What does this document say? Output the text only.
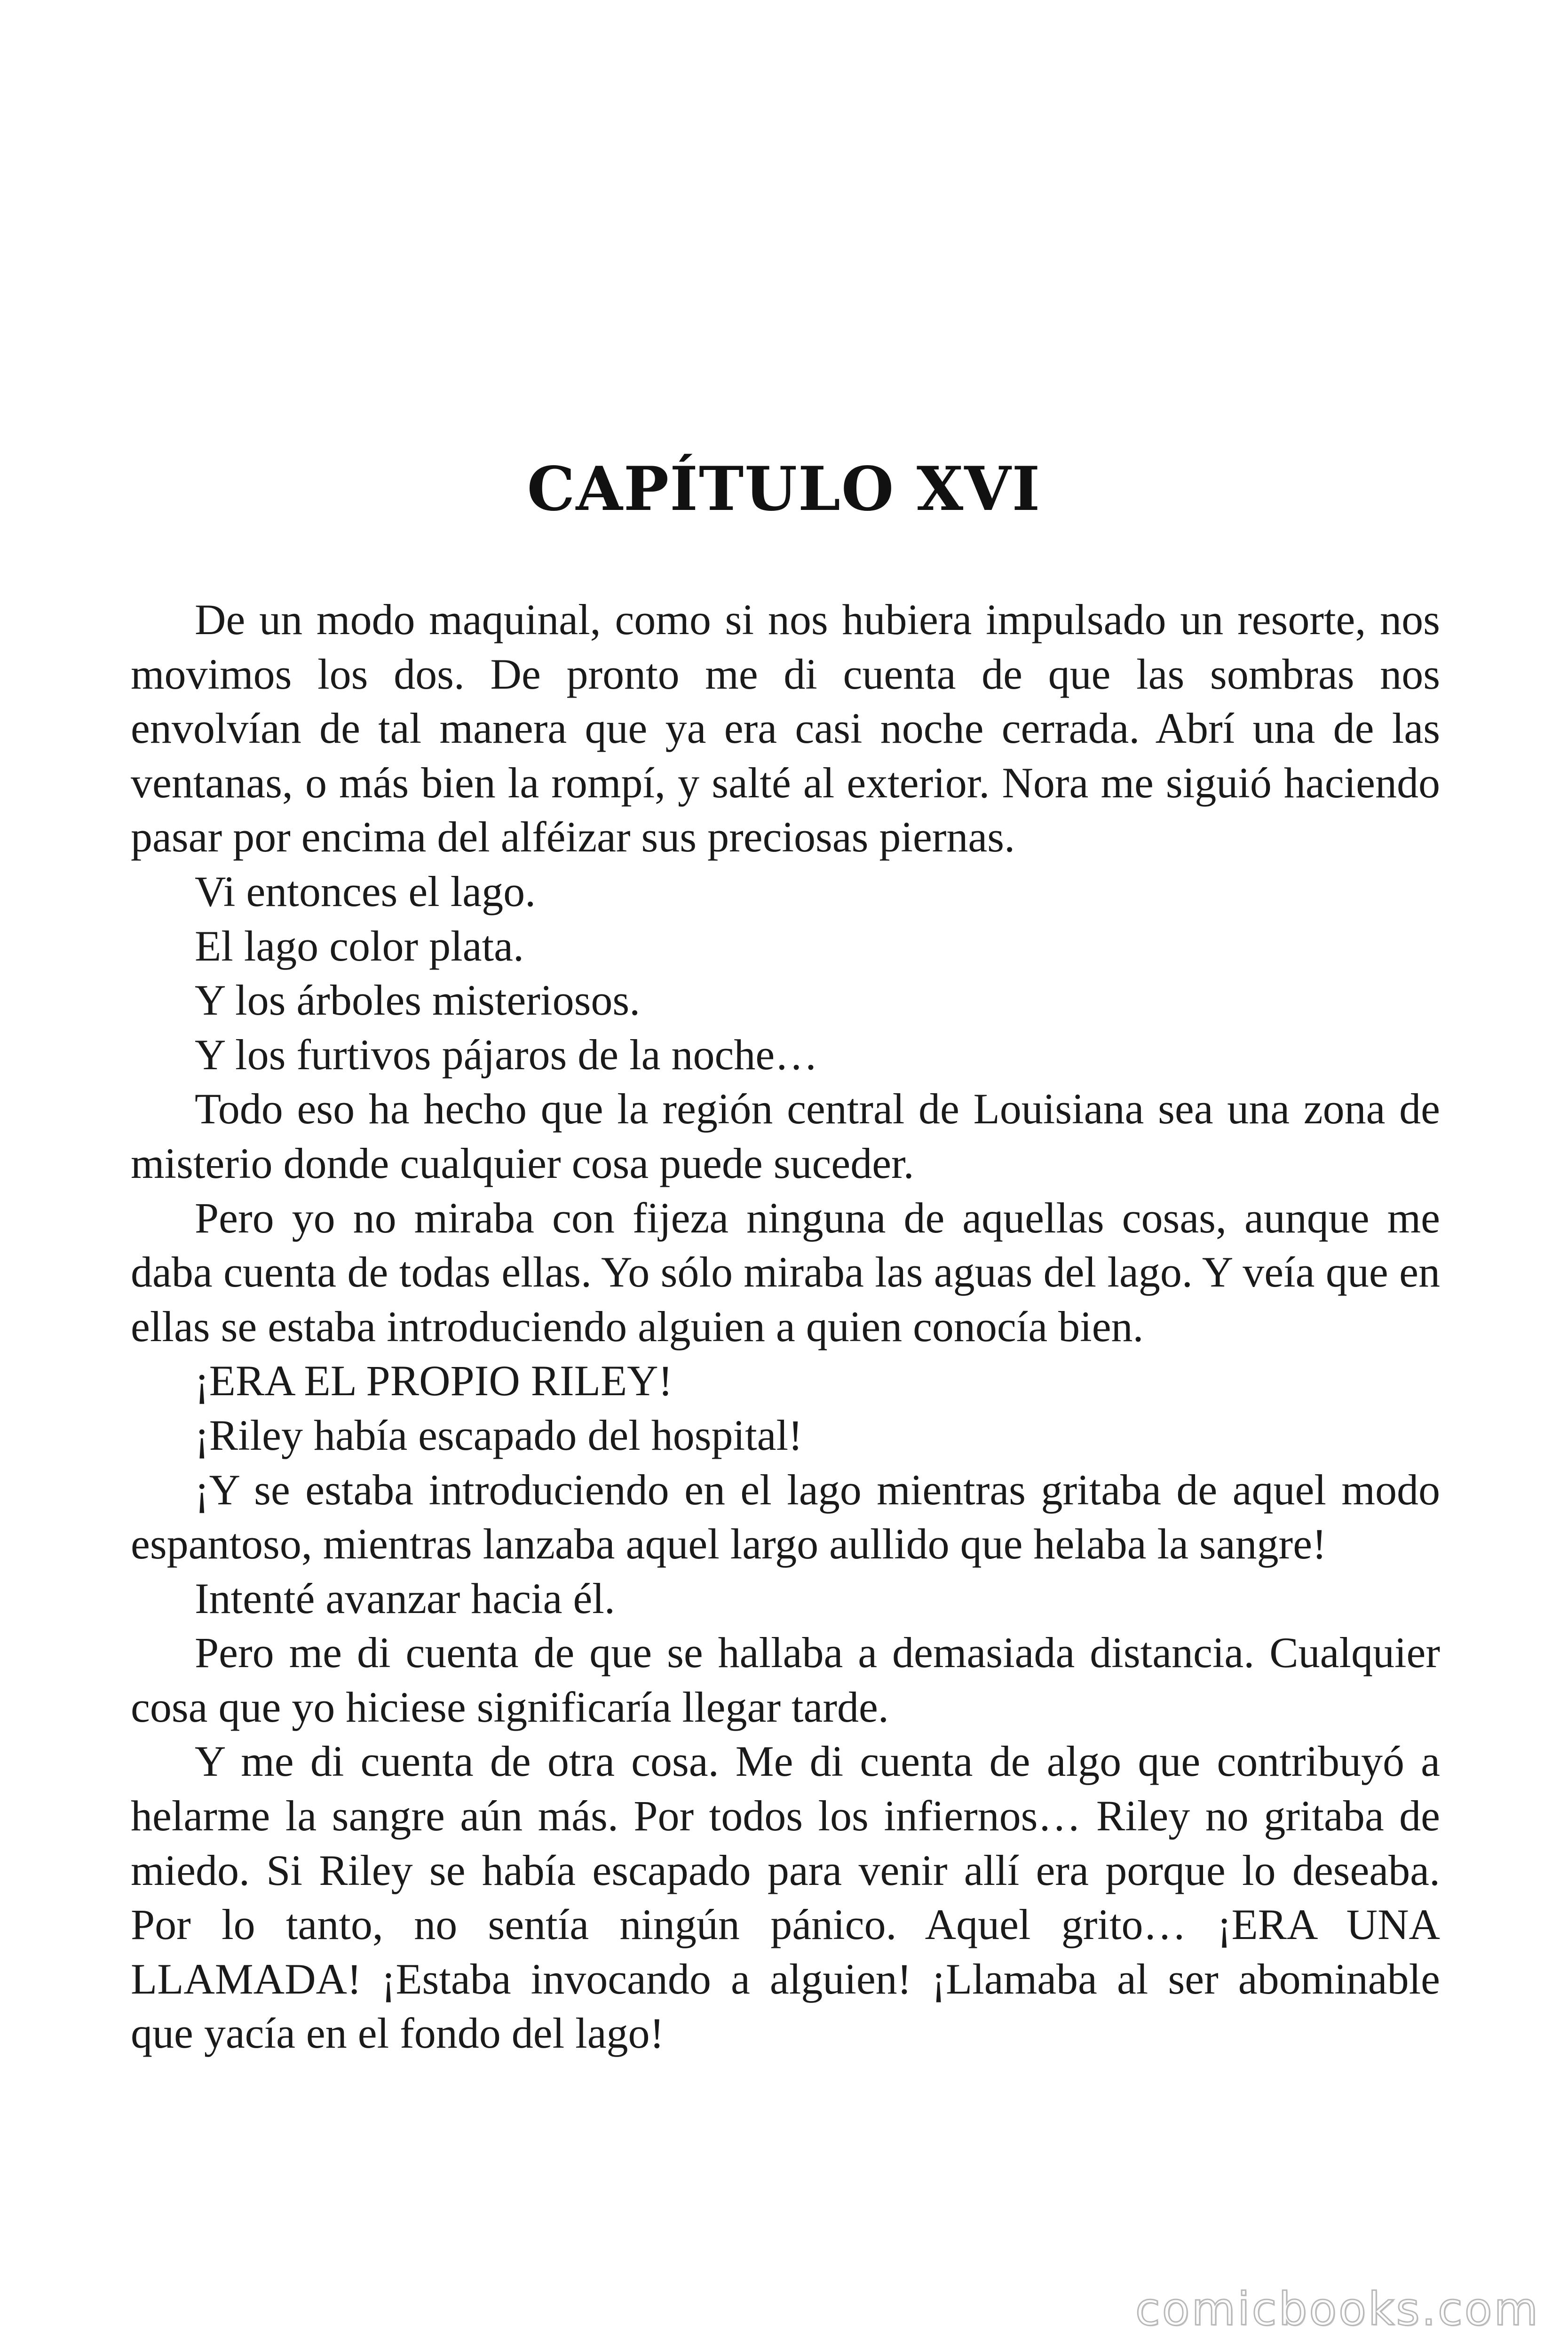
CAPÍTULO XVI

De un modo maquinal, como si nos hubiera impulsado un resorte, nos movimos los dos. De pronto me di cuenta de que las sombras nos envolvían de tal manera que ya era casi noche cerrada. Abrí una de las ventanas, o más bien la rompí, y salté al exterior. Nora me siguió haciendo pasar por encima del alféizar sus preciosas piernas.

Vi entonces el lago.

El lago color plata.

Y los árboles misteriosos.

Y los furtivos pájaros de la noche…

Todo eso ha hecho que la región central de Louisiana sea una zona de misterio donde cualquier cosa puede suceder.

Pero yo no miraba con fijeza ninguna de aquellas cosas, aunque me daba cuenta de todas ellas. Yo sólo miraba las aguas del lago. Y veía que en ellas se estaba introduciendo alguien a quien conocía bien.

¡ERA EL PROPIO RILEY!

¡Riley había escapado del hospital!

¡Y se estaba introduciendo en el lago mientras gritaba de aquel modo espantoso, mientras lanzaba aquel largo aullido que helaba la sangre!

Intenté avanzar hacia él.

Pero me di cuenta de que se hallaba a demasiada distancia. Cualquier cosa que yo hiciese significaría llegar tarde.

Y me di cuenta de otra cosa. Me di cuenta de algo que contribuyó a helarme la sangre aún más. Por todos los infiernos… Riley no gritaba de miedo. Si Riley se había escapado para venir allí era porque lo deseaba. Por lo tanto, no sentía ningún pánico. Aquel grito… ¡ERA UNA LLAMADA! ¡Estaba invocando a alguien! ¡Llamaba al ser abominable que yacía en el fondo del lago!

comicbooks.com
